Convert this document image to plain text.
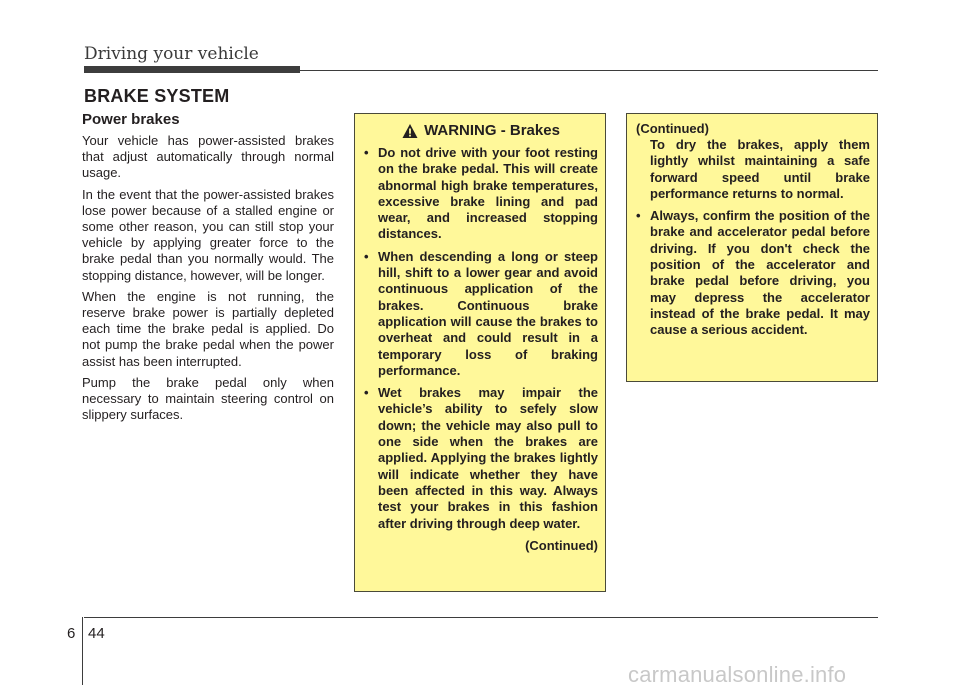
Driving your vehicle
BRAKE SYSTEM
Power brakes

Your vehicle has power-assisted brakes that adjust automatically through normal usage.

In the event that the power-assisted brakes lose power because of a stalled engine or some other reason, you can still stop your vehicle by applying greater force to the brake pedal than you normally would. The stopping distance, however, will be longer.

When the engine is not running, the reserve brake power is partially depleted each time the brake pedal is applied. Do not pump the brake pedal when the power assist has been interrupted.

Pump the brake pedal only when necessary to maintain steering control on slippery surfaces.

WARNING - Brakes
• Do not drive with your foot resting on the brake pedal. This will create abnormal high brake temperatures, excessive brake lining and pad wear, and increased stopping distances.
• When descending a long or steep hill, shift to a lower gear and avoid continuous application of the brakes. Continuous brake application will cause the brakes to overheat and could result in a temporary loss of braking performance.
• Wet brakes may impair the vehicle’s ability to sefely slow down; the vehicle may also pull to one side when the brakes are applied. Applying the brakes lightly will indicate whether they have been affected in this way. Always test your brakes in this fashion after driving through deep water.
(Continued)
(Continued)

To dry the brakes, apply them lightly whilst maintaining a safe forward speed until brake performance returns to normal.

• Always, confirm the position of the brake and accelerator pedal before driving. If you don't check the position of the accelerator and brake pedal before driving, you may depress the accelerator instead of the brake pedal. It may cause a serious accident.
6 44
carmanualsonline.info
